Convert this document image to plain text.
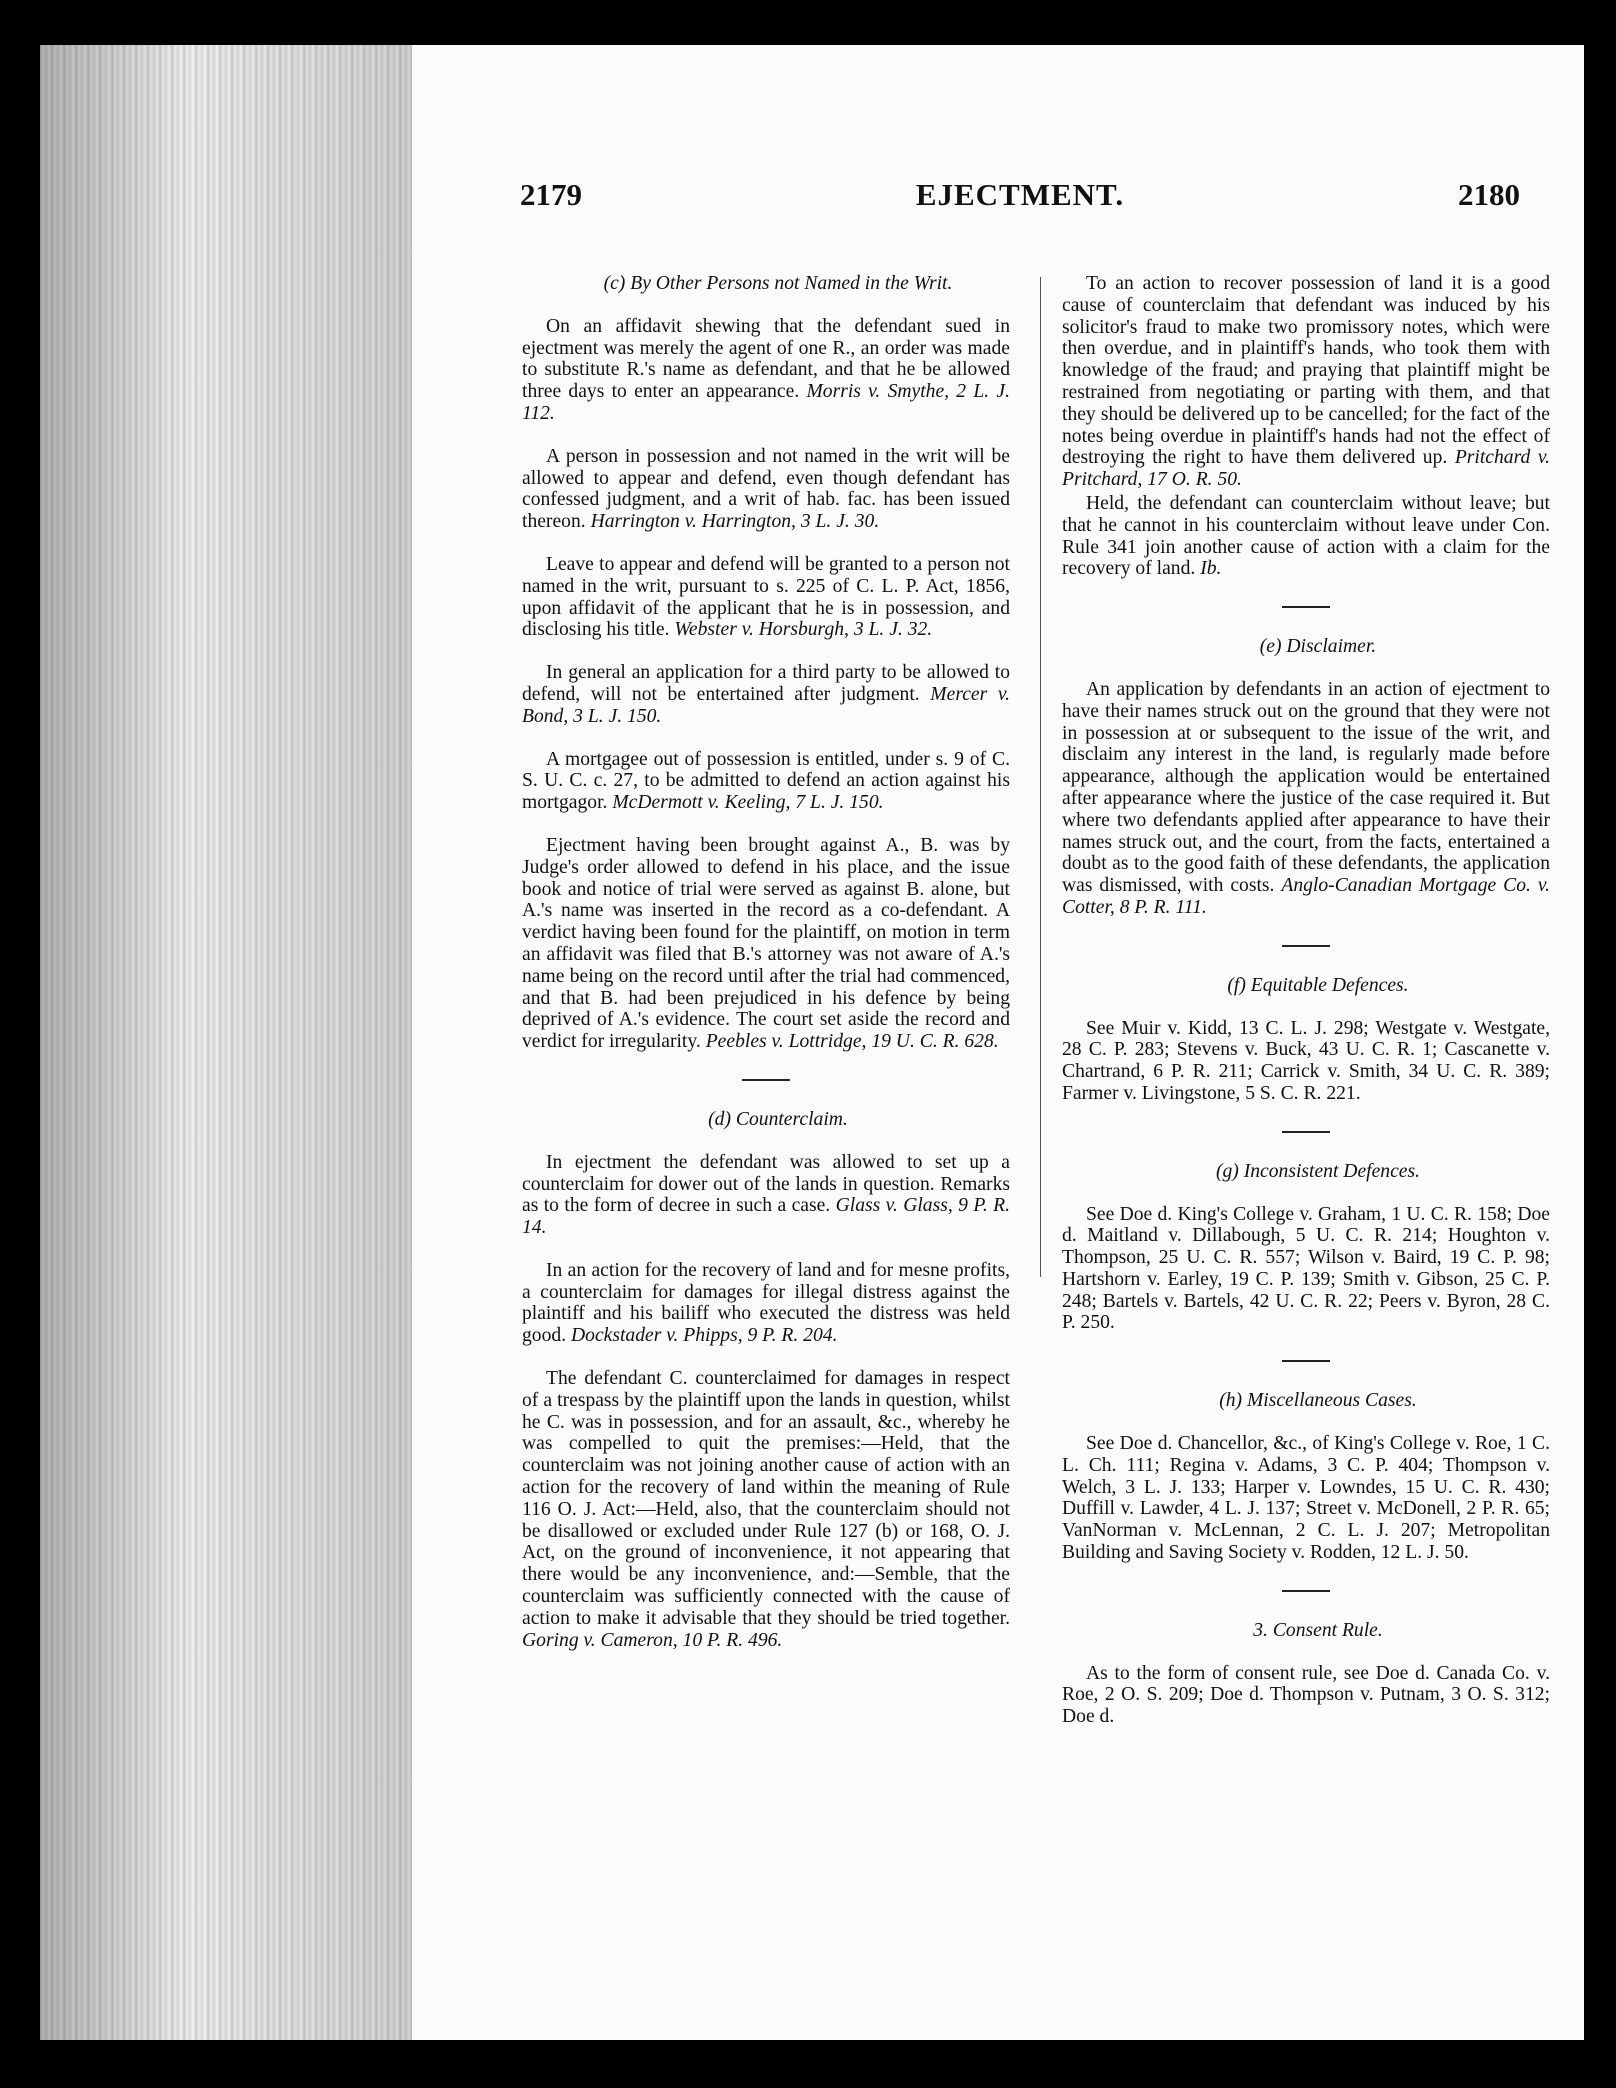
2179	EJECTMENT.	2180

(c) By Other Persons not Named in the Writ.

On an affidavit shewing that the defendant sued in ejectment was merely the agent of one R., an order was made to substitute R.'s name as defendant, and that he be allowed three days to enter an appearance. Morris v. Smythe, 2 L. J. 112.

A person in possession and not named in the writ will be allowed to appear and defend, even though defendant has confessed judgment, and a writ of hab. fac. has been issued thereon. Harrington v. Harrington, 3 L. J. 30.

Leave to appear and defend will be granted to a person not named in the writ, pursuant to s. 225 of C. L. P. Act, 1856, upon affidavit of the applicant that he is in possession, and disclosing his title. Webster v. Horsburgh, 3 L. J. 32.

In general an application for a third party to be allowed to defend, will not be entertained after judgment. Mercer v. Bond, 3 L. J. 150.

A mortgagee out of possession is entitled, under s. 9 of C. S. U. C. c. 27, to be admitted to defend an action against his mortgagor. McDermott v. Keeling, 7 L. J. 150.

Ejectment having been brought against A., B. was by Judge's order allowed to defend in his place, and the issue book and notice of trial were served as against B. alone, but A.'s name was inserted in the record as a co-defendant. A verdict having been found for the plaintiff, on motion in term an affidavit was filed that B.'s attorney was not aware of A.'s name being on the record until after the trial had commenced, and that B. had been prejudiced in his defence by being deprived of A.'s evidence. The court set aside the record and verdict for irregularity. Peebles v. Lottridge, 19 U. C. R. 628.

(d) Counterclaim.

In ejectment the defendant was allowed to set up a counterclaim for dower out of the lands in question. Remarks as to the form of decree in such a case. Glass v. Glass, 9 P. R. 14.

In an action for the recovery of land and for mesne profits, a counterclaim for damages for illegal distress against the plaintiff and his bailiff who executed the distress was held good. Dockstader v. Phipps, 9 P. R. 204.

The defendant C. counterclaimed for damages in respect of a trespass by the plaintiff upon the lands in question, whilst he C. was in possession, and for an assault, &c., whereby he was compelled to quit the premises:—Held, that the counterclaim was not joining another cause of action with an action for the recovery of land within the meaning of Rule 116 O. J. Act:—Held, also, that the counterclaim should not be disallowed or excluded under Rule 127 (b) or 168, O. J. Act, on the ground of inconvenience, it not appearing that there would be any inconvenience, and:—Semble, that the counterclaim was sufficiently connected with the cause of action to make it advisable that they should be tried together. Goring v. Cameron, 10 P. R. 496.

To an action to recover possession of land it is a good cause of counterclaim that defendant was induced by his solicitor's fraud to make two promissory notes, which were then overdue, and in plaintiff's hands, who took them with knowledge of the fraud; and praying that plaintiff might be restrained from negotiating or parting with them, and that they should be delivered up to be cancelled; for the fact of the notes being overdue in plaintiff's hands had not the effect of destroying the right to have them delivered up. Pritchard v. Pritchard, 17 O. R. 50.

Held, the defendant can counterclaim without leave; but that he cannot in his counterclaim without leave under Con. Rule 341 join another cause of action with a claim for the recovery of land. Ib.

(e) Disclaimer.

An application by defendants in an action of ejectment to have their names struck out on the ground that they were not in possession at or subsequent to the issue of the writ, and disclaim any interest in the land, is regularly made before appearance, although the application would be entertained after appearance where the justice of the case required it. But where two defendants applied after appearance to have their names struck out, and the court, from the facts, entertained a doubt as to the good faith of these defendants, the application was dismissed, with costs. Anglo-Canadian Mortgage Co. v. Cotter, 8 P. R. 111.

(f) Equitable Defences.

See Muir v. Kidd, 13 C. L. J. 298; Westgate v. Westgate, 28 C. P. 283; Stevens v. Buck, 43 U. C. R. 1; Cascanette v. Chartrand, 6 P. R. 211; Carrick v. Smith, 34 U. C. R. 389; Farmer v. Livingstone, 5 S. C. R. 221.

(g) Inconsistent Defences.

See Doe d. King's College v. Graham, 1 U. C. R. 158; Doe d. Maitland v. Dillabough, 5 U. C. R. 214; Houghton v. Thompson, 25 U. C. R. 557; Wilson v. Baird, 19 C. P. 98; Hartshorn v. Earley, 19 C. P. 139; Smith v. Gibson, 25 C. P. 248; Bartels v. Bartels, 42 U. C. R. 22; Peers v. Byron, 28 C. P. 250.

(h) Miscellaneous Cases.

See Doe d. Chancellor, &c., of King's College v. Roe, 1 C. L. Ch. 111; Regina v. Adams, 3 C. P. 404; Thompson v. Welch, 3 L. J. 133; Harper v. Lowndes, 15 U. C. R. 430; Duffill v. Lawder, 4 L. J. 137; Street v. McDonell, 2 P. R. 65; VanNorman v. McLennan, 2 C. L. J. 207; Metropolitan Building and Saving Society v. Rodden, 12 L. J. 50.

3. Consent Rule.

As to the form of consent rule, see Doe d. Canada Co. v. Roe, 2 O. S. 209; Doe d. Thompson v. Putnam, 3 O. S. 312; Doe d.
